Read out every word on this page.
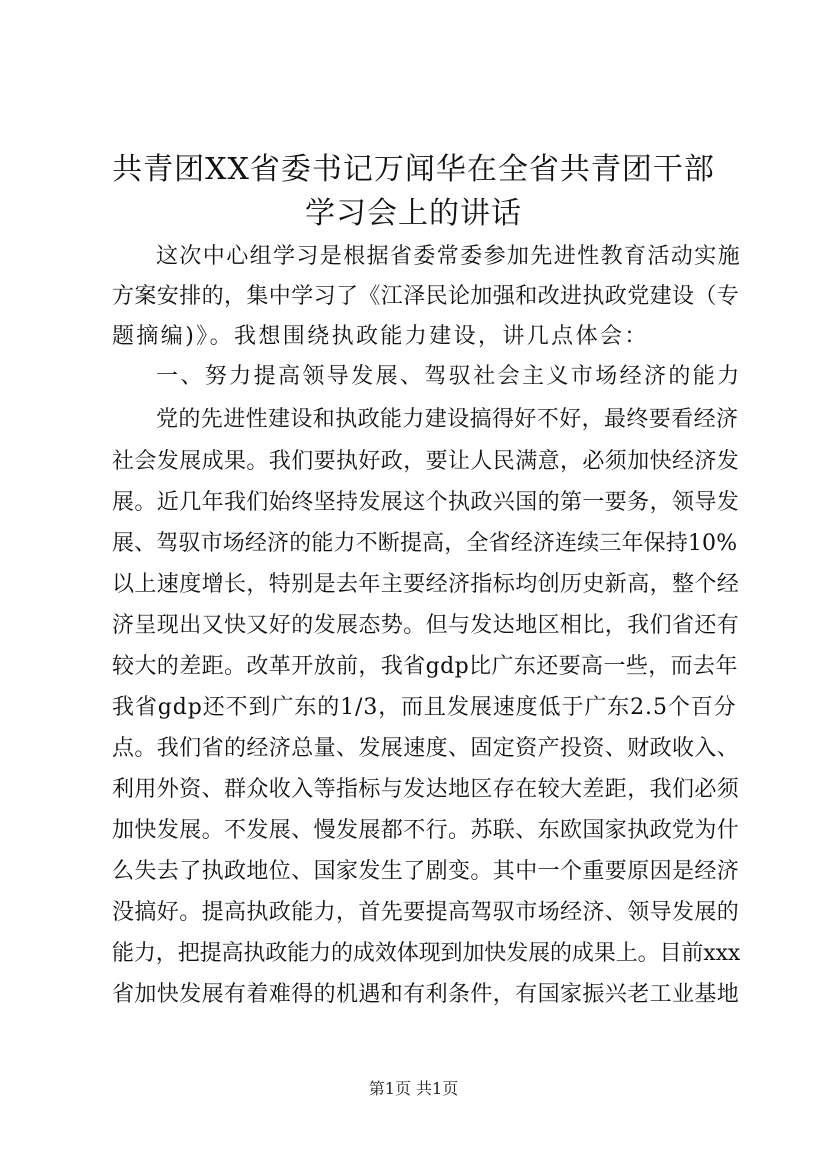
共青团XX省委书记万闻华在全省共青团干部
学习会上的讲话
这次中心组学习是根据省委常委参加先进性教育活动实施
方案安排的，集中学习了《江泽民论加强和改进执政党建设（专
题摘编)》。我想围绕执政能力建设，讲几点体会：
一、努力提高领导发展、驾驭社会主义市场经济的能力
党的先进性建设和执政能力建设搞得好不好，最终要看经济
社会发展成果。我们要执好政，要让人民满意，必须加快经济发
展。近几年我们始终坚持发展这个执政兴国的第一要务，领导发
展、驾驭市场经济的能力不断提高，全省经济连续三年保持10%
以上速度增长，特别是去年主要经济指标均创历史新高，整个经
济呈现出又快又好的发展态势。但与发达地区相比，我们省还有
较大的差距。改革开放前，我省gdp比广东还要高一些，而去年
我省gdp还不到广东的1/3，而且发展速度低于广东2.5个百分
点。我们省的经济总量、发展速度、固定资产投资、财政收入、
利用外资、群众收入等指标与发达地区存在较大差距，我们必须
加快发展。不发展、慢发展都不行。苏联、东欧国家执政党为什
么失去了执政地位、国家发生了剧变。其中一个重要原因是经济
没搞好。提高执政能力，首先要提高驾驭市场经济、领导发展的
能力，把提高执政能力的成效体现到加快发展的成果上。目前xxx
省加快发展有着难得的机遇和有利条件，有国家振兴老工业基地
第1页 共1页
